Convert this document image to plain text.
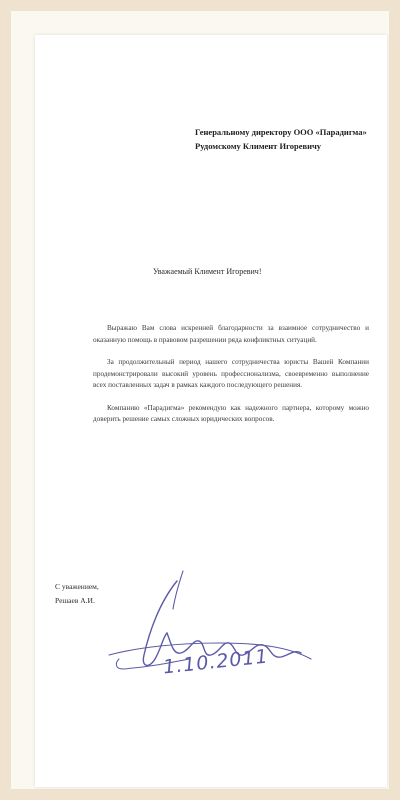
Генеральному директору ООО «Парадигма»
Рудомскому Климент Игоревичу
Уважаемый Климент Игоревич!

Выражаю Вам слова искренней благодарности за взаимное сотрудничество и оказанную помощь в правовом разрешении ряда конфликтных ситуаций.

За продолжительный период нашего сотрудничества юристы Вашей Компании продемонстрировали высокий уровень профессионализма, своевременно выполнение всех поставленных задач в рамках каждого последующего решения.

Компанию «Парадигма» рекомендую как надежного партнера, которому можно доверить решение самых сложных юридических вопросов.

С уважением,
Решаев А.И.
1.10.2011
